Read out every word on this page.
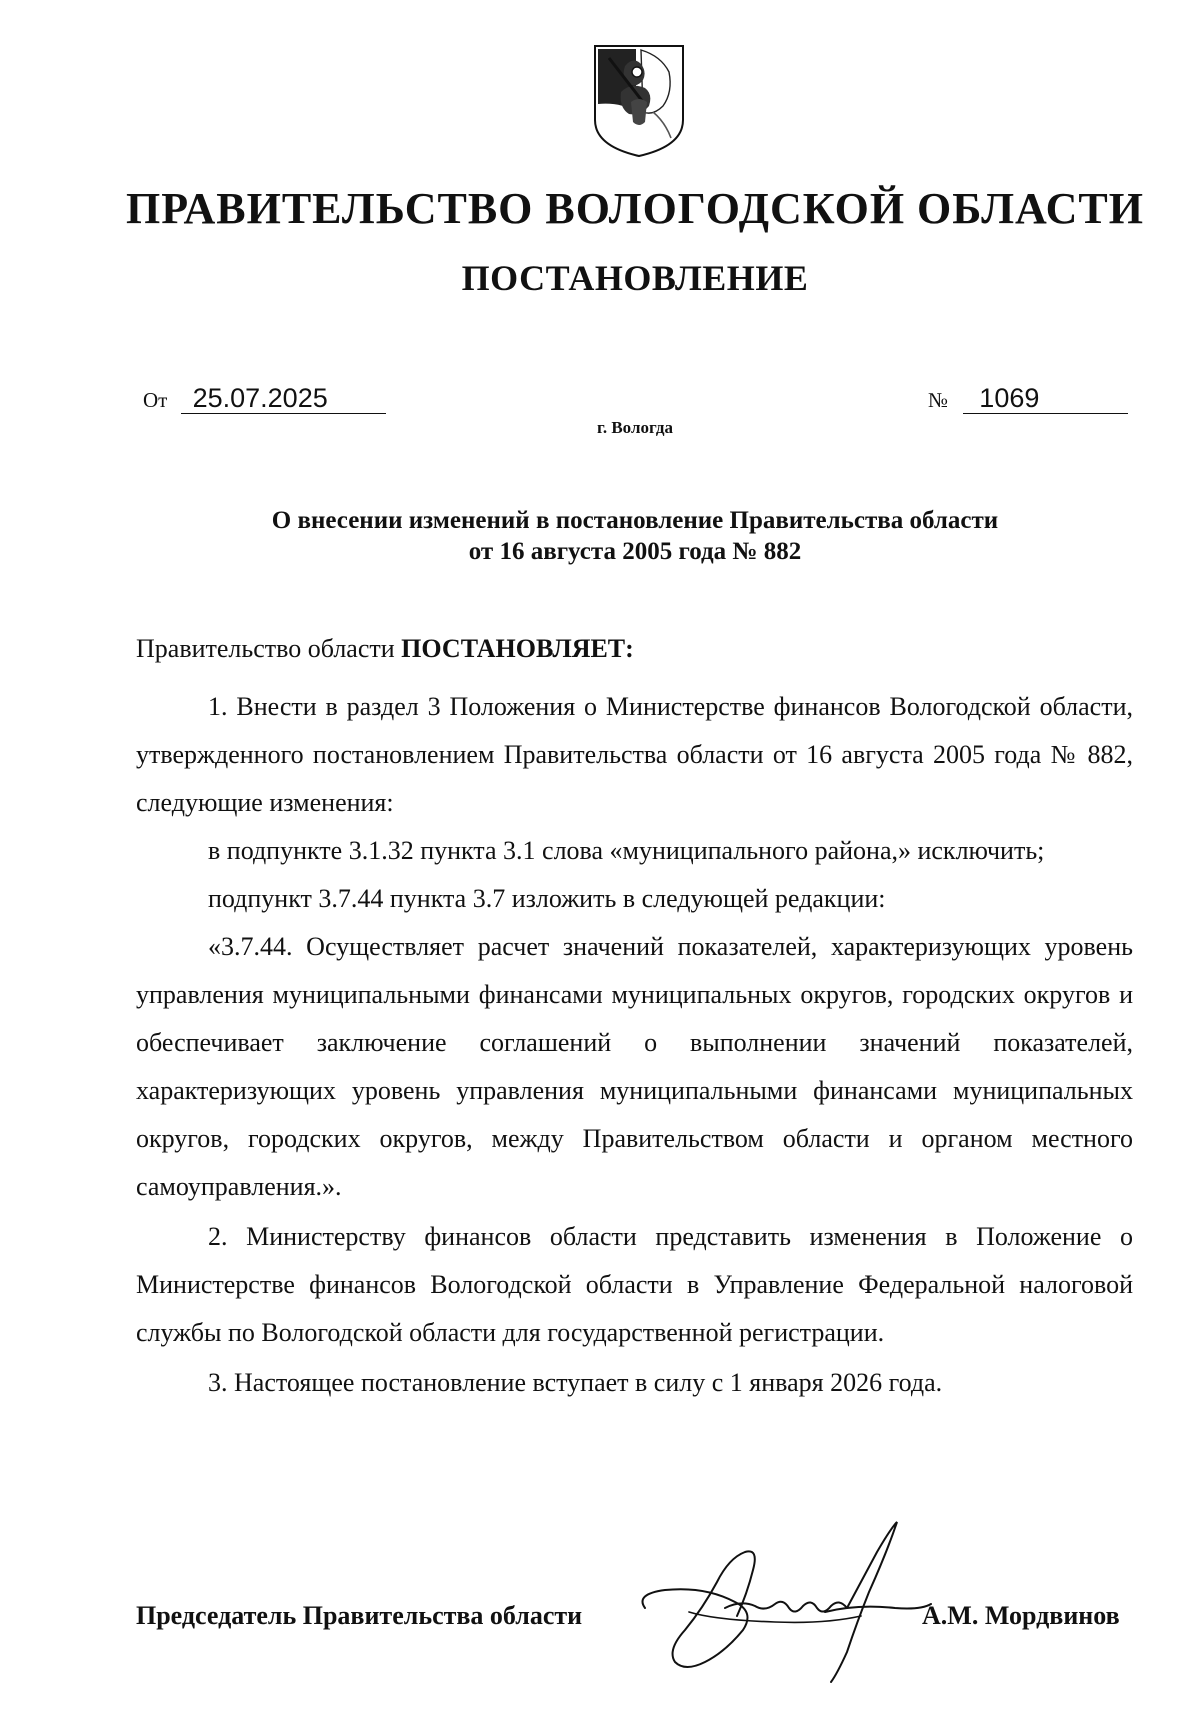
ПРАВИТЕЛЬСТВО ВОЛОГОДСКОЙ ОБЛАСТИ
ПОСТАНОВЛЕНИЕ
От 25.07.2025	№ 1069
г. Вологда
О внесении изменений в постановление Правительства области
от 16 августа 2005 года № 882

Правительство области ПОСТАНОВЛЯЕТ:

1. Внести в раздел 3 Положения о Министерстве финансов Вологодской области, утвержденного постановлением Правительства области от 16 августа 2005 года № 882, следующие изменения:

в подпункте 3.1.32 пункта 3.1 слова «муниципального района,» исключить;

подпункт 3.7.44 пункта 3.7 изложить в следующей редакции:

«3.7.44. Осуществляет расчет значений показателей, характеризующих уровень управления муниципальными финансами муниципальных округов, городских округов и обеспечивает заключение соглашений о выполнении значений показателей, характеризующих уровень управления муниципальными финансами муниципальных округов, городских округов, между Правительством области и органом местного самоуправления.».

2. Министерству финансов области представить изменения в Положение о Министерстве финансов Вологодской области в Управление Федеральной налоговой службы по Вологодской области для государственной регистрации.

3. Настоящее постановление вступает в силу с 1 января 2026 года.

Председатель Правительства области	А.М. Мордвинов
